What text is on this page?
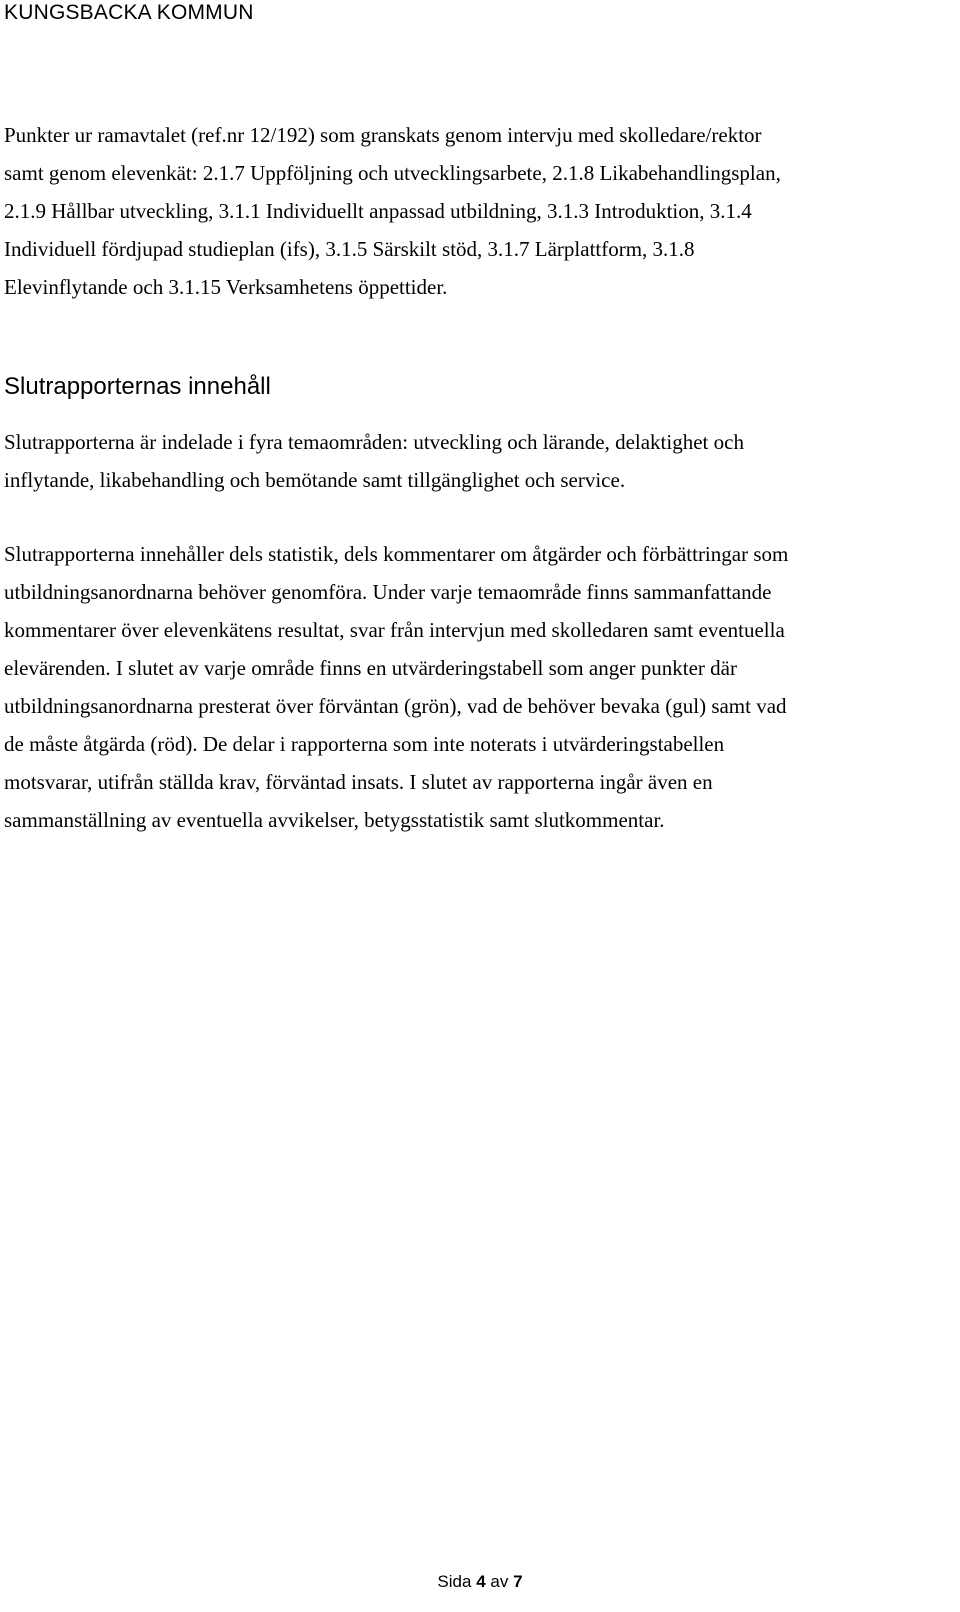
KUNGSBACKA KOMMUN
Punkter ur ramavtalet (ref.nr 12/192) som granskats genom intervju med skolledare/rektor
samt genom elevenkät: 2.1.7 Uppföljning och utvecklingsarbete, 2.1.8 Likabehandlingsplan,
2.1.9 Hållbar utveckling, 3.1.1 Individuellt anpassad utbildning, 3.1.3 Introduktion, 3.1.4
Individuell fördjupad studieplan (ifs), 3.1.5 Särskilt stöd, 3.1.7 Lärplattform, 3.1.8
Elevinflytande och 3.1.15 Verksamhetens öppettider.
Slutrapporternas innehåll
Slutrapporterna är indelade i fyra temaområden: utveckling och lärande, delaktighet och
inflytande, likabehandling och bemötande samt tillgänglighet och service.
Slutrapporterna innehåller dels statistik, dels kommentarer om åtgärder och förbättringar som
utbildningsanordnarna behöver genomföra. Under varje temaområde finns sammanfattande
kommentarer över elevenkätens resultat, svar från intervjun med skolledaren samt eventuella
elevärenden. I slutet av varje område finns en utvärderingstabell som anger punkter där
utbildningsanordnarna presterat över förväntan (grön), vad de behöver bevaka (gul) samt vad
de måste åtgärda (röd). De delar i rapporterna som inte noterats i utvärderingstabellen
motsvarar, utifrån ställda krav, förväntad insats. I slutet av rapporterna ingår även en
sammanställning av eventuella avvikelser, betygsstatistik samt slutkommentar.
Sida 4 av 7
